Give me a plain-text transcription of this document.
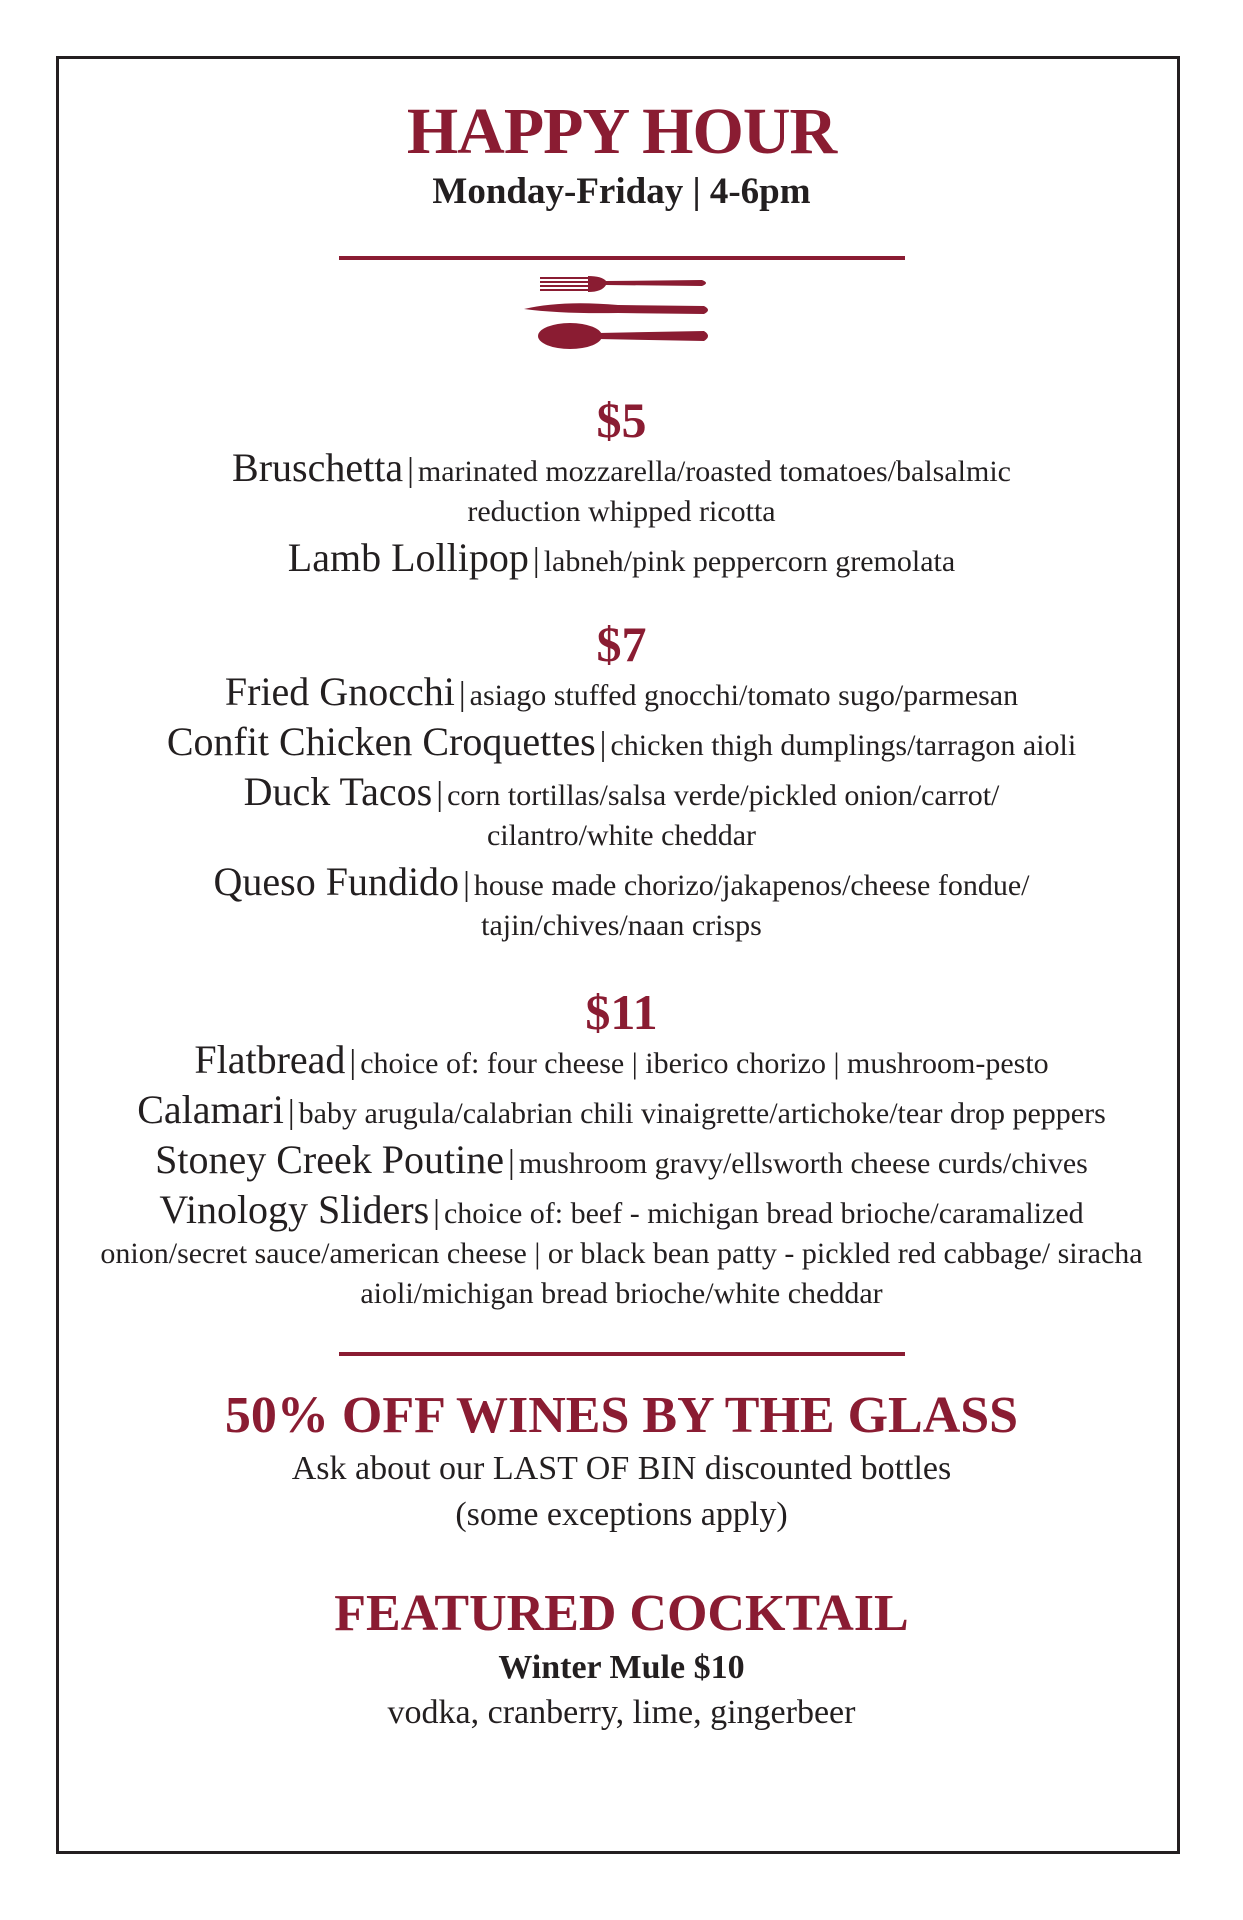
HAPPY HOUR

Monday-Friday | 4-6pm

$5

Bruschetta | marinated mozzarella/roasted tomatoes/balsalmic reduction whipped ricotta

Lamb Lollipop | labneh/pink peppercorn gremolata

$7

Fried Gnocchi | asiago stuffed gnocchi/tomato sugo/parmesan

Confit Chicken Croquettes | chicken thigh dumplings/tarragon aioli

Duck Tacos | corn tortillas/salsa verde/pickled onion/carrot/ cilantro/white cheddar

Queso Fundido | house made chorizo/jakapenos/cheese fondue/ tajin/chives/naan crisps

$11

Flatbread | choice of: four cheese | iberico chorizo | mushroom-pesto

Calamari | baby arugula/calabrian chili vinaigrette/artichoke/tear drop peppers

Stoney Creek Poutine | mushroom gravy/ellsworth cheese curds/chives

Vinology Sliders | choice of: beef - michigan bread brioche/caramalized onion/secret sauce/american cheese | or black bean patty - pickled red cabbage/ siracha aioli/michigan bread brioche/white cheddar

50% OFF WINES BY THE GLASS

Ask about our LAST OF BIN discounted bottles

(some exceptions apply)

FEATURED COCKTAIL

Winter Mule $10

vodka, cranberry, lime, gingerbeer
